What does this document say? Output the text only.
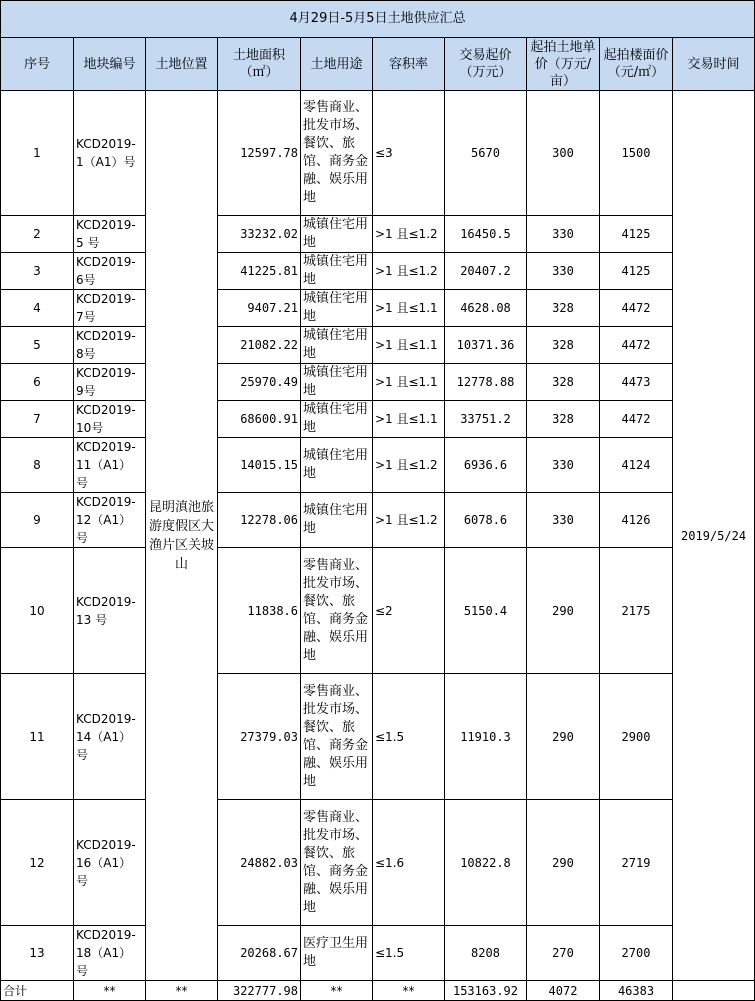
4月29日-5月5日土地供应汇总									
序号	地块编号	土地位置	土地面积（㎡）	土地用途	容积率	交易起价（万元）	起拍土地单价（万元/亩）	起拍楼面价（元/㎡）	交易时间
1	KCD2019-1（A1）号	昆明滇池旅游度假区大渔片区关坡山	12597.78	零售商业、批发市场、餐饮、旅馆、商务金融、娱乐用地	≤3	5670	300	1500	2019/5/24
2	KCD2019-5 号		33232.02	城镇住宅用地	>1 且≤1.2	16450.5	330	4125	
3	KCD2019-6号		41225.81	城镇住宅用地	>1 且≤1.2	20407.2	330	4125	
4	KCD2019-7号		9407.21	城镇住宅用地	>1 且≤1.1	4628.08	328	4472	
5	KCD2019-8号		21082.22	城镇住宅用地	>1 且≤1.1	10371.36	328	4472	
6	KCD2019-9号		25970.49	城镇住宅用地	>1 且≤1.1	12778.88	328	4473	
7	KCD2019-10号		68600.91	城镇住宅用地	>1 且≤1.1	33751.2	328	4472	
8	KCD2019-11（A1）号		14015.15	城镇住宅用地	>1 且≤1.2	6936.6	330	4124	
9	KCD2019-12（A1）号		12278.06	城镇住宅用地	>1 且≤1.2	6078.6	330	4126	
10	KCD2019-13 号		11838.6	零售商业、批发市场、餐饮、旅馆、商务金融、娱乐用地	≤2	5150.4	290	2175	
11	KCD2019-14（A1）号		27379.03	零售商业、批发市场、餐饮、旅馆、商务金融、娱乐用地	≤1.5	11910.3	290	2900	
12	KCD2019-16（A1）号		24882.03	零售商业、批发市场、餐饮、旅馆、商务金融、娱乐用地	≤1.6	10822.8	290	2719	
13	KCD2019-18（A1）号		20268.67	医疗卫生用地	≤1.5	8208	270	2700	
合计	**	**	322777.98	**	**	153163.92	4072	46383	
